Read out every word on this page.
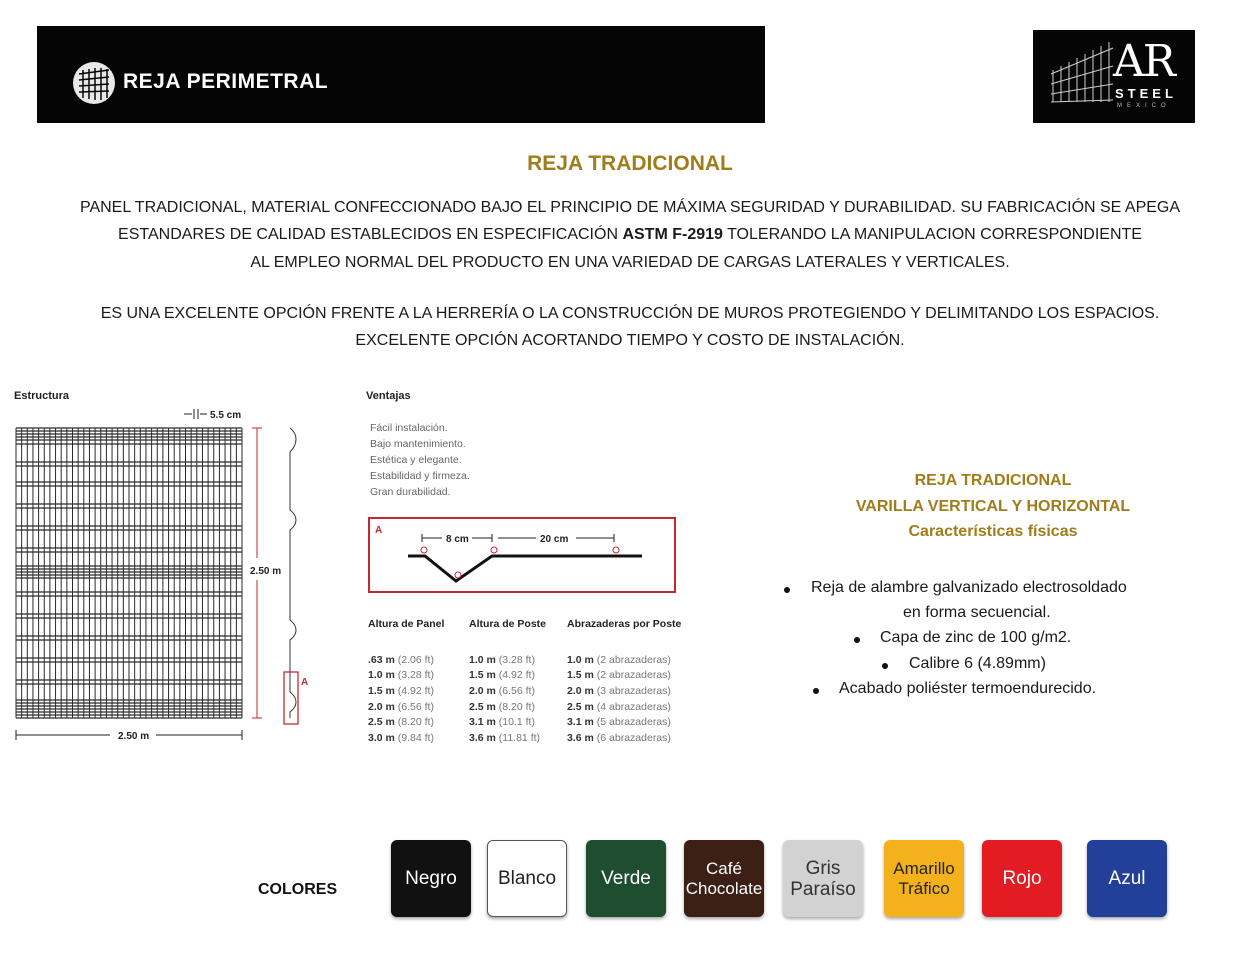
REJA PERIMETRAL	AR
STEEL
MEXICO
REJA TRADICIONAL
PANEL TRADICIONAL, MATERIAL CONFECCIONADO BAJO EL PRINCIPIO DE MÁXIMA SEGURIDAD Y DURABILIDAD. SU FABRICACIÓN SE APEGA
ESTANDARES DE CALIDAD ESTABLECIDOS EN ESPECIFICACIÓN ASTM F-2919 TOLERANDO LA MANIPULACION CORRESPONDIENTE
AL EMPLEO NORMAL DEL PRODUCTO EN UNA VARIEDAD DE CARGAS LATERALES Y VERTICALES.
ES UNA EXCELENTE OPCIÓN FRENTE A LA HERRERÍA O LA CONSTRUCCIÓN DE MUROS PROTEGIENDO Y DELIMITANDO LOS ESPACIOS.
EXCELENTE OPCIÓN ACORTANDO TIEMPO Y COSTO DE INSTALACIÓN.
Estructura
5.5 cm
2.50 m
A
2.50 m
Ventajas
Fácil instalación.
Bajo mantenimiento.
Estética y elegante.
Estabilidad y firmeza.
Gran durabilidad.
A
8 cm	20 cm
Altura de Panel	Altura de Poste	Abrazaderas por Poste
.63 m (2.06 ft)	1.0 m (3.28 ft)	1.0 m (2 abrazaderas)
1.0 m (3.28 ft)	1.5 m (4.92 ft)	1.5 m (2 abrazaderas)
1.5 m (4.92 ft)	2.0 m (6.56 ft)	2.0 m (3 abrazaderas)
2.0 m (6.56 ft)	2.5 m (8.20 ft)	2.5 m (4 abrazaderas)
2.5 m (8.20 ft)	3.1 m (10.1 ft)	3.1 m (5 abrazaderas)
3.0 m (9.84 ft)	3.6 m (11.81 ft)	3.6 m (6 abrazaderas)
REJA TRADICIONAL
VARILLA VERTICAL Y HORIZONTAL
Características físicas
Reja de alambre galvanizado electrosoldado
en forma secuencial.
Capa de zinc de 100 g/m2.
Calibre 6 (4.89mm)
Acabado poliéster termoendurecido.
COLORES
Negro Blanco Verde	Café
Chocolate
Gris
Paraíso
Amarillo
Tráfico	Rojo	Azul
